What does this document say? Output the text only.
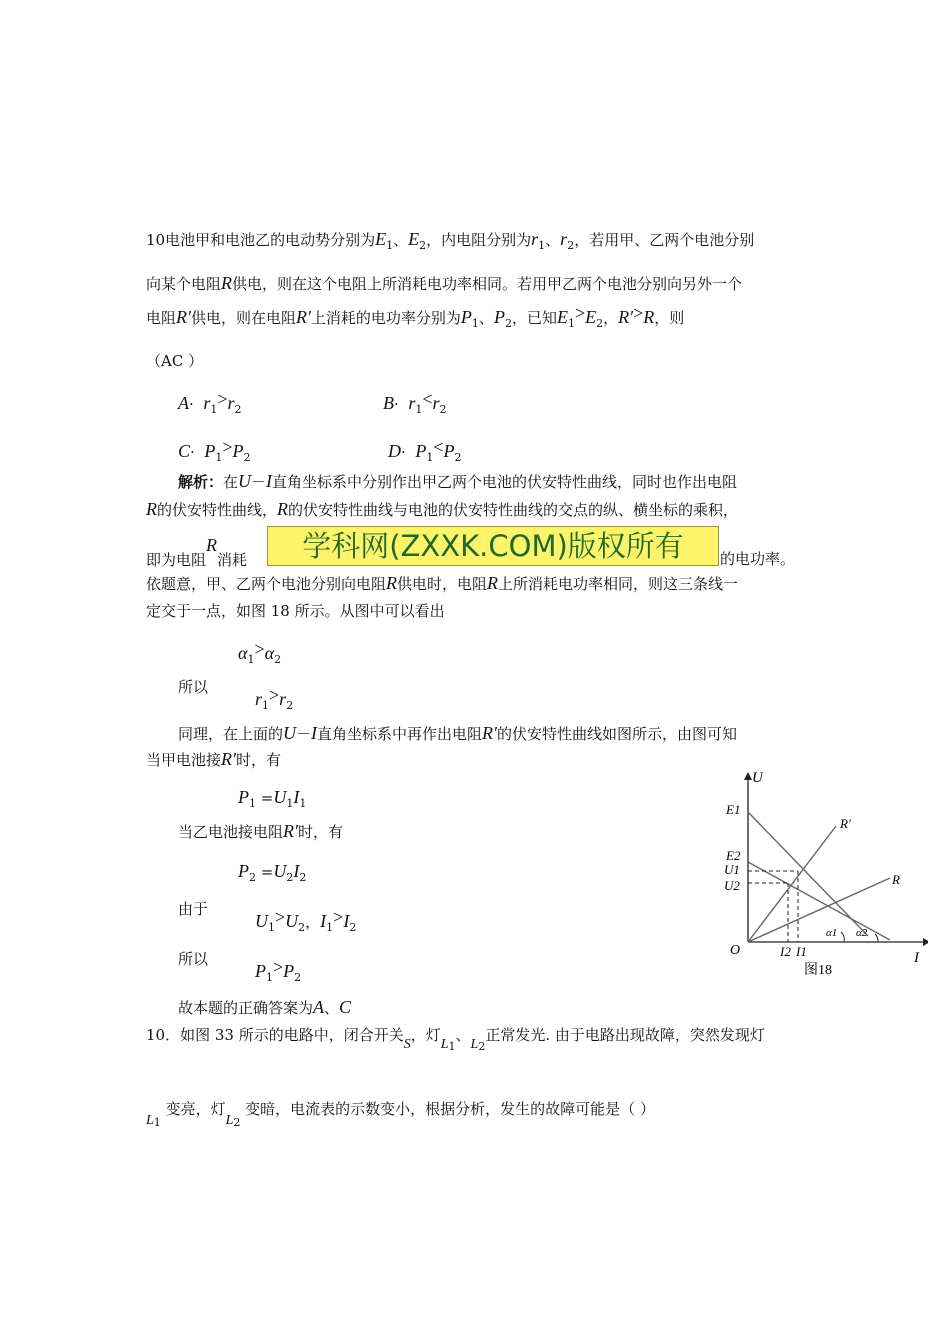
10电池甲和电池乙的电动势分别为$E_1$、$E_2$，内电阻分别为$r_1$、$r_2$，若用甲、乙两个电池分别
向某个电阻R供电，则在这个电阻上所消耗电功率相同。若用甲乙两个电池分别向另外一个
电阻R′供电，则在电阻R′上消耗的电功率分别为$P_1$、$P_2$，已知$E_1>E_2$，R′>R，则
（AC ）
$A\cdot r_1>r_2$	$B\cdot r_1<r_2$
$C\cdot P_1>P_2$	$D\cdot P_1<P_2$
解析：在U－I直角坐标系中分别作出甲乙两个电池的伏安特性曲线，同时也作出电阻
R的伏安特性曲线，R的伏安特性曲线与电池的伏安特性曲线的交点的纵、横坐标的乘积，
即为电阻R消耗	的电功率。
学科网(ZXXK.COM)版权所有
依题意，甲、乙两个电池分别向电阻R供电时，电阻R上所消耗电功率相同，则这三条线一
定交于一点，如图 18 所示。从图中可以看出
$\alpha_1>\alpha_2$
所以
$r_1>r_2$
同理，在上面的U－I直角坐标系中再作出电阻R′的伏安特性曲线如图所示，由图可知
当甲电池接R′时，有
$P_1 =U_1I_1$
当乙电池接电阻R′时，有
$P_2 =U_2I_2$
由于
$U_1>U_2$，$I_1>I_2$
所以
$P_1>P_2$
故本题的正确答案为A、C
U
I
O
E1
E2
U1
U2
I2 I1
R′
R
α1 α2
图18
10．如图 33 所示的电路中，闭合开关S，灯$L_1$、$L_2$正常发光. 由于电路出现故障，突然发现灯
$L_1$ 变亮，灯$L_2$ 变暗，电流表的示数变小，根据分析，发生的故障可能是（ ）
